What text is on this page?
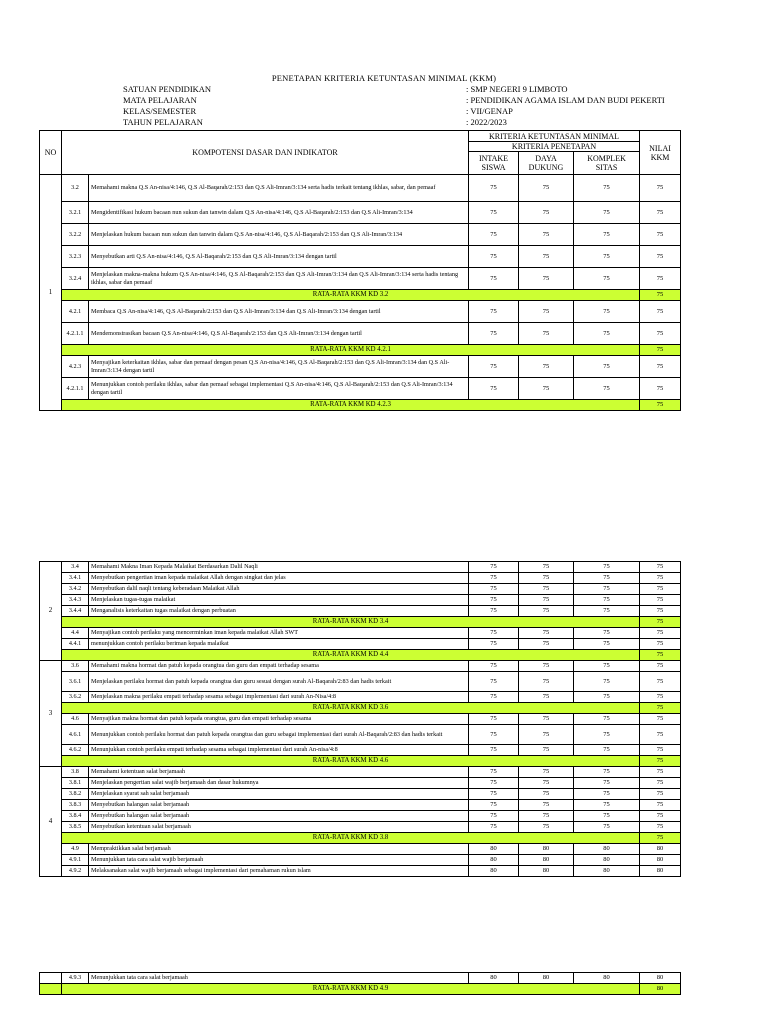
PENETAPAN KRITERIA KETUNTASAN MINIMAL (KKM)
SATUAN PENDIDIKAN	: SMP NEGERI 9 LIMBOTO
MATA PELAJARAN	: PENDIDIKAN AGAMA ISLAM DAN BUDI PEKERTI
KELAS/SEMESTER	: VII/GENAP
TAHUN PELAJARAN	: 2022/2023
NO	KOMPOTENSI DASAR DAN INDIKATOR		KRITERIA KETUNTASAN MINIMAL			NILAI KKM
			KRITERIA PENETAPAN			
			INTAKE SISWA	DAYA DUKUNG	KOMPLEK SITAS	
1	3.2	Memahami makna Q.S An-nisa/4:146, Q.S Al-Baqarah/2:153 dan Q.S Ali-Imran/3:134 serta hadis terkait tentang ikhlas, sabar, dan pemaaf	75	75	75	75
	3.2.1	Mengidentifikasi hukum bacaan nun sukun dan tanwin dalam Q.S An-nisa/4:146, Q.S Al-Baqarah/2:153 dan Q.S Ali-Imran/3:134	75	75	75	75
	3.2.2	Menjelaskan hukum bacaan nun sukun dan tanwin dalam Q.S An-nisa/4:146, Q.S Al-Baqarah/2:153 dan Q.S Ali-Imran/3:134	75	75	75	75
	3.2.3	Menyebutkan arti Q.S An-nisa/4:146, Q.S Al-Baqarah/2:153 dan Q.S Ali-Imran/3:134 dengan tartil	75	75	75	75
	3.2.4	Menjelaskan makna-makna hukum Q.S An-nisa/4:146, Q.S Al-Baqarah/2:153 dan Q.S Ali-Imran/3:134 dan Q.S Ali-Imran/3:134 serta hadis tentang ikhlas, sabar dan pemaaf	75	75	75	75
	RATA-RATA KKM KD 3.2					75
	4.2.1	Membaca Q.S An-nisa/4:146, Q.S Al-Baqarah/2:153 dan Q.S Ali-Imran/3:134 dan Q.S Ali-Imran/3:134 dengan tartil	75	75	75	75
	4.2.1.1	Mendemonstrasikan bacaan Q.S An-nisa/4:146, Q.S Al-Baqarah/2:153 dan Q.S Ali-Imran/3:134 dengan tartil	75	75	75	75
	RATA-RATA KKM KD 4.2.1					75
	4.2.3	Menyajikan keterkaitan ikhlas, sabar dan pemaaf dengan pesan Q.S An-nisa/4:146, Q.S Al-Baqarah/2:153 dan Q.S Ali-Imran/3:134 dan Q.S Ali-Imran/3:134 dengan tartil	75	75	75	75
	4.2.1.1	Menunjukkan contoh perilaku ikhlas, sabar dan pemaaf sebagai implementasi Q.S An-nisa/4:146, Q.S Al-Baqarah/2:153 dan Q.S Ali-Imran/3:134 dengan tartil	75	75	75	75
	RATA-RATA KKM KD 4.2.3					75
2	3.4	Memahami Makna Iman Kepada Malaikat Berdasarkan Dalil Naqli	75	75	75	75
	3.4.1	Menyebutkan pengertian iman kepada malaikat Allah dengan singkat dan jelas	75	75	75	75
	3.4.2	Menyebutkan dalil naqli tentang keberadaan Malaikat Allah	75	75	75	75
	3.4.3	Menjelaskan tugas-tugas malaikat	75	75	75	75
	3.4.4	Menganalisis keterkaitan tugas malaikat dengan perbuatan	75	75	75	75
	RATA-RATA KKM KD 3.4					75
	4.4	Menyajikan contoh perilaku yang mencerminkan iman kepada malaikat Allah SWT	75	75	75	75
	4.4.1	menunjukkan contoh perilaku beriman kepada malaikat	75	75	75	75
	RATA-RATA KKM KD 4.4					75
3	3.6	Memahami makna hormat dan patuh kepada orangtua dan guru dan empati terhadap sesama	75	75	75	75
	3.6.1	Menjelaskan perilaku hormat dan patuh kepada orangtua dan guru sesuai dengan surah Al-Baqarah/2:83 dan hadis terkait	75	75	75	75
	3.6.2	Menjelaskan makna perilaku empati terhadap sesama sebagai implementasi dari surah An-Nisa/4:8	75	75	75	75
	RATA-RATA KKM KD 3.6					75
	4.6	Menyajikan makna hormat dan patuh kepada orangtua, guru dan empati terhadap sesama	75	75	75	75
	4.6.1	Menunjukkan contoh perilaku hormat dan patuh kepada orangtua dan guru sebagai implementasi dari surah Al-Baqarah/2:83 dan hadis terkait	75	75	75	75
	4.6.2	Menunjukkan contoh perilaku empati terhadap sesama sebagai implementasi dari surah An-nisa/4:8	75	75	75	75
	RATA-RATA KKM KD 4.6					75
4	3.8	Memahami ketentuan salat berjamaah	75	75	75	75
	3.8.1	Menjelaskan pengertian salat wajib berjamaah dan dasar hukumnya	75	75	75	75
	3.8.2	Menjelaskan syarat sah salat berjamaah	75	75	75	75
	3.8.3	Menyebutkan halangan salat berjamaah	75	75	75	75
	3.8.4	Menyebutkan halangan salat berjamaah	75	75	75	75
	3.8.5	Menyebutkan ketentuan salat berjamaah	75	75	75	75
	RATA-RATA KKM KD 3.8					75
	4.9	Mempraktikkan salat berjamaah	80	80	80	80
	4.9.1	Menunjukkan tata cara salat wajib berjamaah	80	80	80	80
	4.9.2	Melaksanakan salat wajib berjamaah sebagai implementasi dari pemahaman rukun islam	80	80	80	80
	4.9.3	Menunjukkan tata cara salat berjamaah	80	80	80	80
	RATA-RATA KKM KD 4.9					80
